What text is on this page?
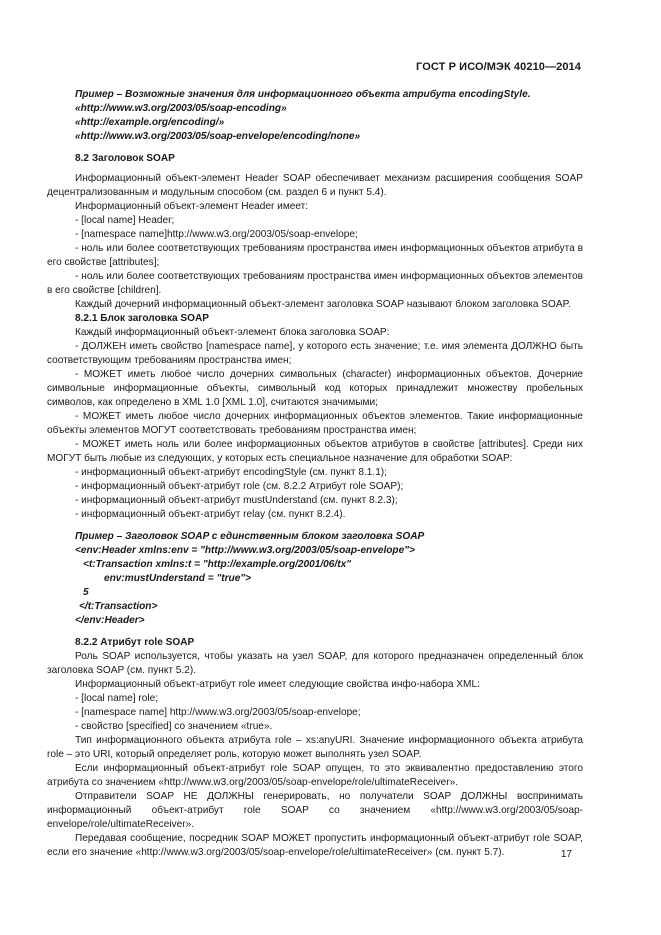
ГОСТ Р ИСО/МЭК 40210—2014
Пример – Возможные значения для информационного объекта атрибута encodingStyle.
«http://www.w3.org/2003/05/soap-encoding»
«http://example.org/encoding/»
«http://www.w3.org/2003/05/soap-envelope/encoding/none»
8.2 Заголовок SOAP
Информационный объект-элемент Header SOAP обеспечивает механизм расширения сообщения SOAP децентрализованным и модульным способом (см. раздел 6 и пункт 5.4).
Информационный объект-элемент Header имеет:
- [local name] Header;
- [namespace name]http://www.w3.org/2003/05/soap-envelope;
- ноль или более соответствующих требованиям пространства имен информационных объектов атрибута в его свойстве [attributes];
- ноль или более соответствующих требованиям пространства имен информационных объектов элементов в его свойстве [children].
Каждый дочерний информационный объект-элемент заголовка SOAP называют блоком заголовка SOAP.
8.2.1 Блок заголовка SOAP
Каждый информационный объект-элемент блока заголовка SOAP:
- ДОЛЖЕН иметь свойство [namespace name], у которого есть значение; т.е. имя элемента ДОЛЖНО быть соответствующим требованиям пространства имен;
- МОЖЕТ иметь любое число дочерних символьных (character) информационных объектов. Дочерние символьные информационные объекты, символьный код которых принадлежит множеству пробельных символов, как определено в XML 1.0 [XML 1.0], считаются значимыми;
- МОЖЕТ иметь любое число дочерних информационных объектов элементов. Такие информационные объекты элементов МОГУТ соответствовать требованиям пространства имен;
- МОЖЕТ иметь ноль или более информационных объектов атрибутов в свойстве [attributes]. Среди них МОГУТ быть любые из следующих, у которых есть специальное назначение для обработки SOAP:
- информационный объект-атрибут encodingStyle (см. пункт 8.1.1);
- информационный объект-атрибут role (см. 8.2.2 Атрибут role SOAP);
- информационный объект-атрибут mustUnderstand (см. пункт 8.2.3);
- информационный объект-атрибут relay (см. пункт 8.2.4).
Пример – Заголовок SOAP с единственным блоком заголовка SOAP
<env:Header xmlns:env = "http://www.w3.org/2003/05/soap-envelope">
<t:Transaction xmlns:t = "http://example.org/2001/06/tx"
env:mustUnderstand = "true">
5
</t:Transaction>
</env:Header>
8.2.2 Атрибут role SOAP
Роль SOAP используется, чтобы указать на узел SOAP, для которого предназначен определенный блок заголовка SOAP (см. пункт 5.2).
Информационный объект-атрибут role имеет следующие свойства инфо-набора XML:
- [local name] role;
- [namespace name] http://www.w3.org/2003/05/soap-envelope;
- свойство [specified] со значением «true».
Тип информационного объекта атрибута role – xs:anyURI. Значение информационного объекта атрибута role – это URI, который определяет роль, которую может выполнять узел SOAP.
Если информационный объект-атрибут role SOAP опущен, то это эквивалентно предоставлению этого атрибута со значением «http://www.w3.org/2003/05/soap-envelope/role/ultimateReceiver».
Отправители SOAP НЕ ДОЛЖНЫ генерировать, но получатели SOAP ДОЛЖНЫ воспринимать информационный объект-атрибут role SOAP со значением «http://www.w3.org/2003/05/soap-envelope/role/ultimateReceiver».
Передавая сообщение, посредник SOAP МОЖЕТ пропустить информационный объект-атрибут role SOAP, если его значение «http://www.w3.org/2003/05/soap-envelope/role/ultimateReceiver» (см. пункт 5.7).	17
